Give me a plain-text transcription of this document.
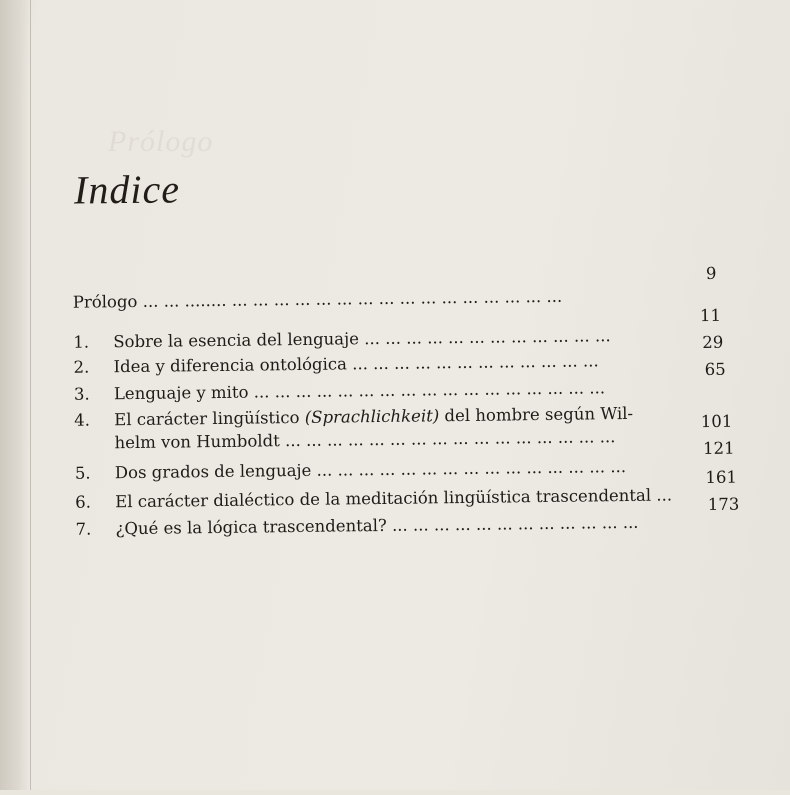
Prólogo
Indice
Prólogo ... ... ........ ... ... ... ... ... ... ... ... ... ... ... ... ... ... ... ...
9
1. Sobre la esencia del lenguaje ... ... ... ... ... ... ... ... ... ... ... ...
11
2. Idea y diferencia ontológica ... ... ... ... ... ... ... ... ... ... ... ...
29
3. Lenguaje y mito ... ... ... ... ... ... ... ... ... ... ... ... ... ... ... ... ...
65
4. El carácter lingüístico (Sprachlichkeit) del hombre según Wil-
helm von Humboldt ... ... ... ... ... ... ... ... ... ... ... ... ... ... ... ...
101
5. Dos grados de lenguaje ... ... ... ... ... ... ... ... ... ... ... ... ... ... ...
121
6. El carácter dialéctico de la meditación lingüística trascendental ...
161
7. ¿Qué es la lógica trascendental? ... ... ... ... ... ... ... ... ... ... ... ...
173
